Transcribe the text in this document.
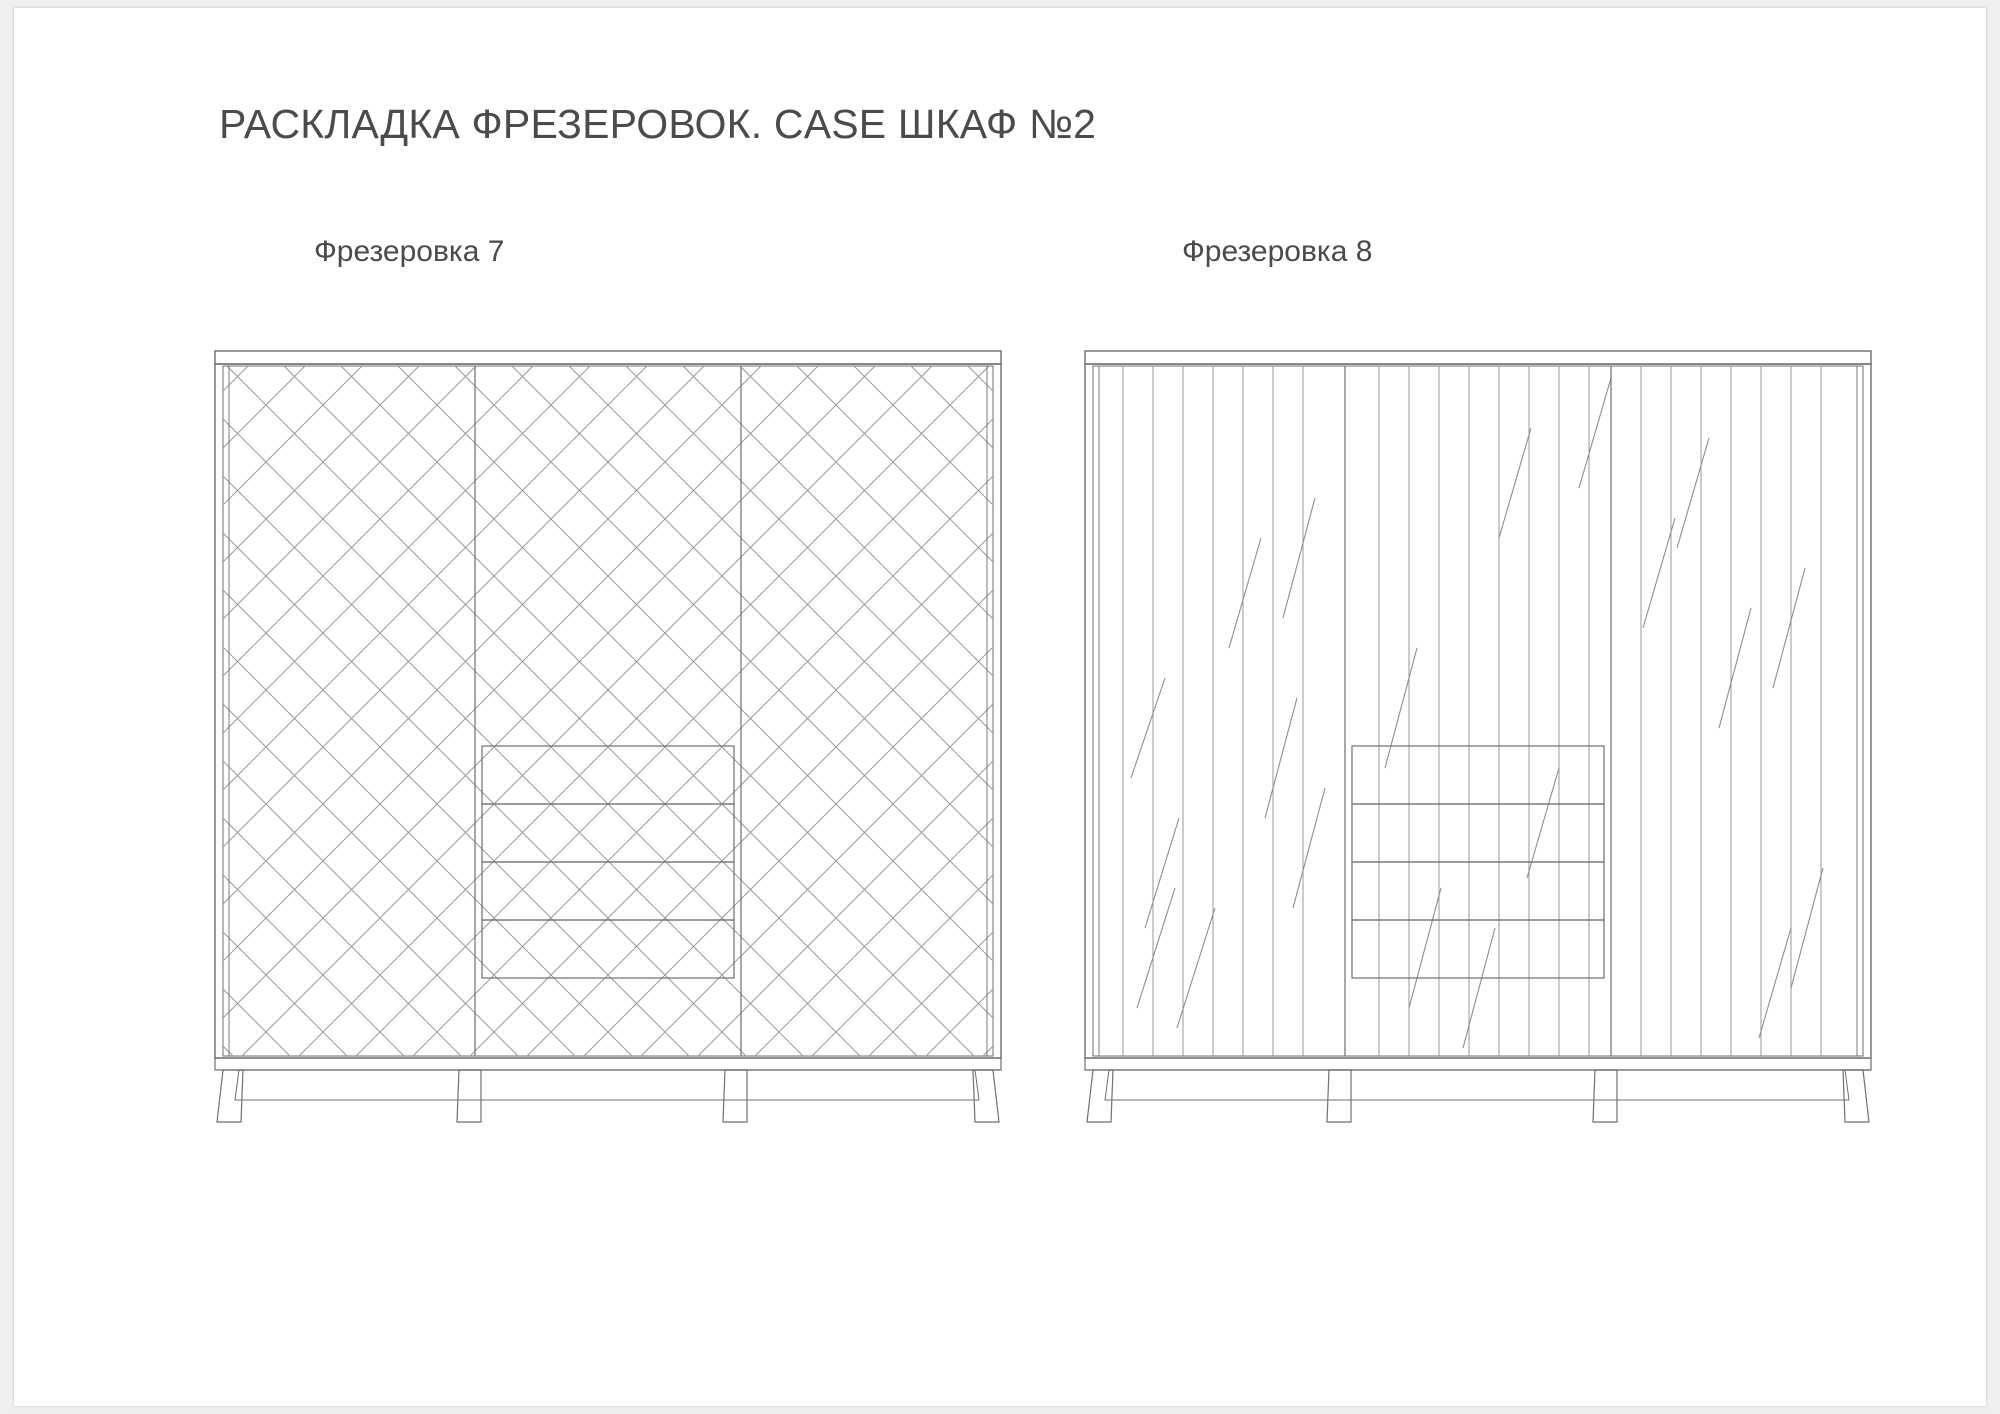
РАСКЛАДКА ФРЕЗЕРОВОК. CASE ШКАФ №2
Фрезеровка 7	Фрезеровка 8
